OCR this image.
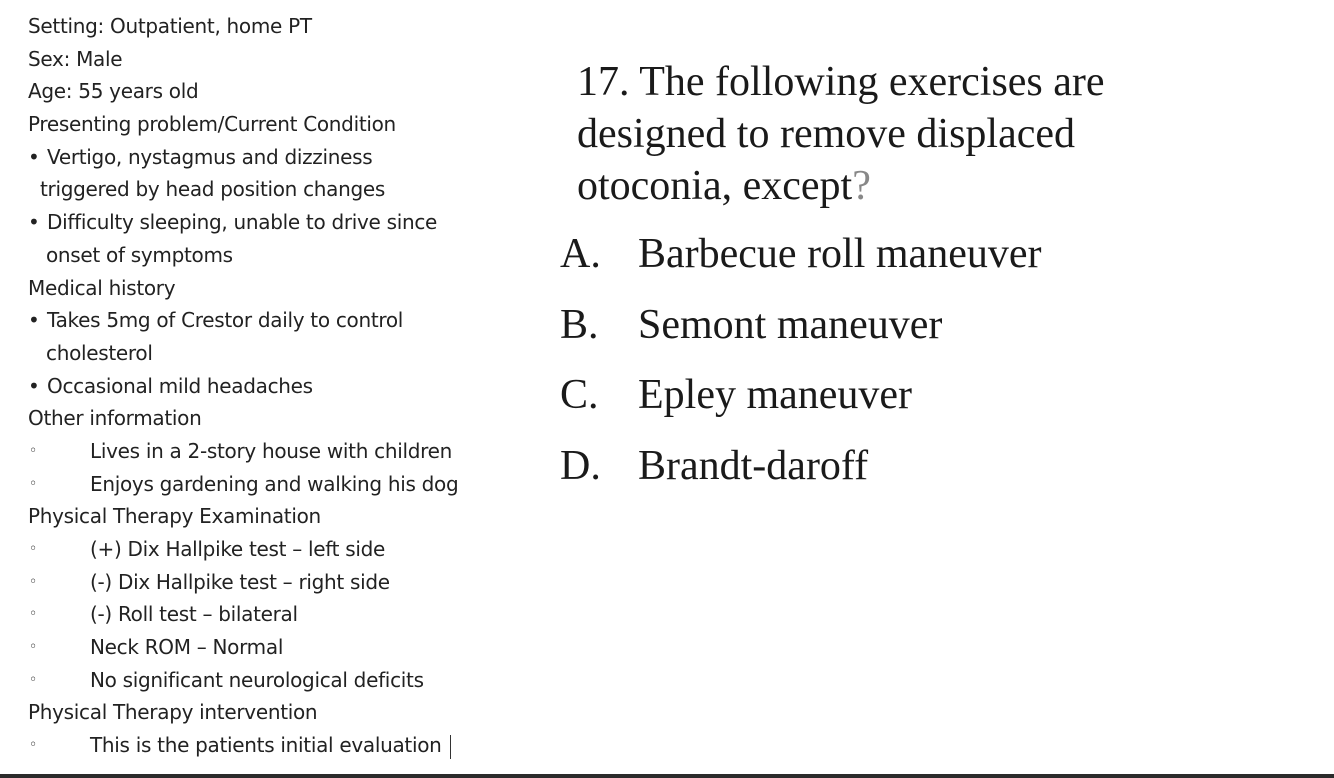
Setting: Outpatient, home PT
Sex: Male
Age: 55 years old
Presenting problem/Current Condition
• Vertigo, nystagmus and dizziness
triggered by head position changes
• Difficulty sleeping, unable to drive since
onset of symptoms
Medical history
• Takes 5mg of Crestor daily to control
cholesterol
• Occasional mild headaches
Other information
◦	Lives in a 2-story house with children
◦	Enjoys gardening and walking his dog
Physical Therapy Examination
◦	(+) Dix Hallpike test – left side
◦	(-) Dix Hallpike test – right side
◦	(-) Roll test – bilateral
◦	Neck ROM – Normal
◦	No significant neurological deficits
Physical Therapy intervention
◦	This is the patients initial evaluation
17. The following exercises are
designed to remove displaced
otoconia, except?
A. Barbecue roll maneuver
B. Semont maneuver
C. Epley maneuver
D. Brandt-daroff
